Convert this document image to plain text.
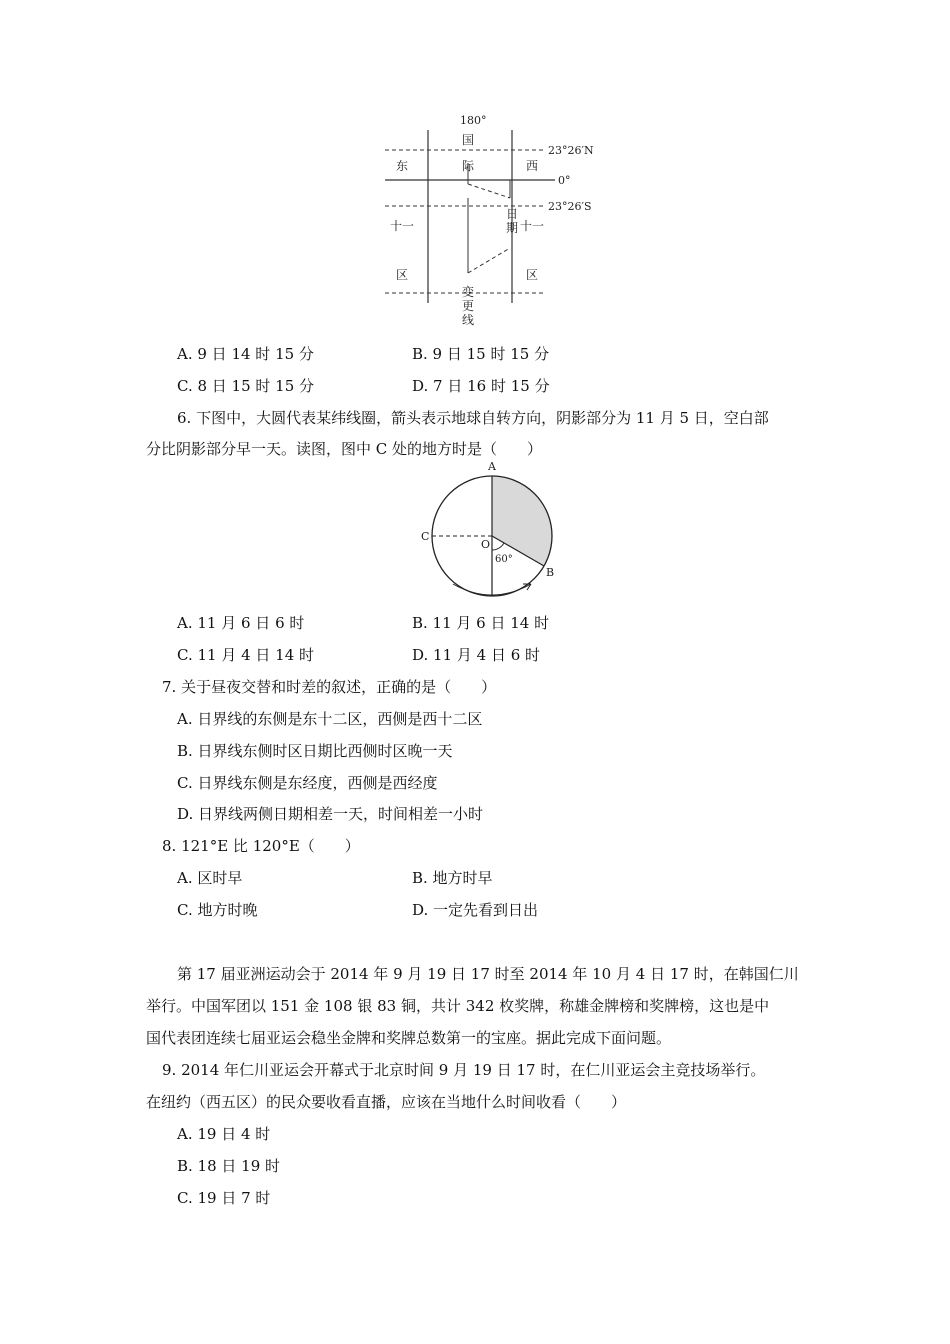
180°
国
际
日
期
变
更
线
东	西
十一	十一
区	区
23°26′N
0°
23°26′S
A. 9 日 14 时 15 分	B. 9 日 15 时 15 分
C. 8 日 15 时 15 分	D. 7 日 16 时 15 分
6. 下图中，大圆代表某纬线圈，箭头表示地球自转方向，阴影部分为 11 月 5 日，空白部
分比阴影部分早一天。读图，图中 C 处的地方时是（　　）
A
B
C
O
60°
A. 11 月 6 日 6 时	B. 11 月 6 日 14 时
C. 11 月 4 日 14 时	D. 11 月 4 日 6 时
7. 关于昼夜交替和时差的叙述，正确的是（　　）
A. 日界线的东侧是东十二区，西侧是西十二区
B. 日界线东侧时区日期比西侧时区晚一天
C. 日界线东侧是东经度，西侧是西经度
D. 日界线两侧日期相差一天，时间相差一小时
8. 121°E 比 120°E（　　）
A. 区时早	B. 地方时早
C. 地方时晚	D. 一定先看到日出
第 17 届亚洲运动会于 2014 年 9 月 19 日 17 时至 2014 年 10 月 4 日 17 时，在韩国仁川
举行。中国军团以 151 金 108 银 83 铜，共计 342 枚奖牌，称雄金牌榜和奖牌榜，这也是中
国代表团连续七届亚运会稳坐金牌和奖牌总数第一的宝座。据此完成下面问题。
9. 2014 年仁川亚运会开幕式于北京时间 9 月 19 日 17 时，在仁川亚运会主竞技场举行。
在纽约（西五区）的民众要收看直播，应该在当地什么时间收看（　　）
A. 19 日 4 时
B. 18 日 19 时
C. 19 日 7 时
